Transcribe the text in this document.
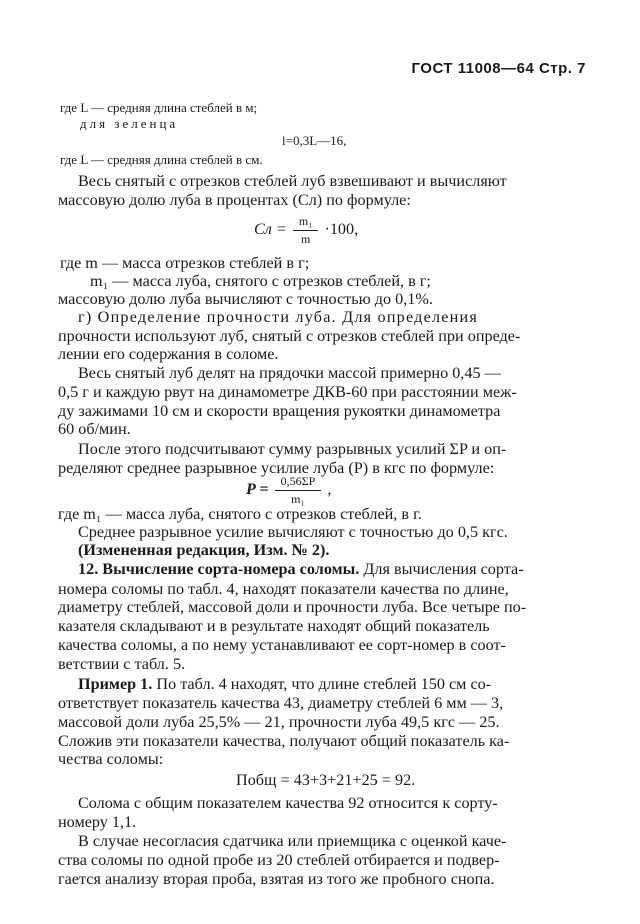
ГОСТ 11008—64 Стр. 7
где L — средняя длина стеблей в м;
для зеленца
l=0,3L—16,
где L — средняя длина стеблей в см.
Весь снятый с отрезков стеблей луб взвешивают и вычисляют
массовую долю луба в процентах (Cл) по формуле:
Cл = $\frac{\text{m₁}}{m} \cdot 100$,
где m — масса отрезков стеблей в г;
m₁ — масса луба, снятого с отрезков стеблей, в г;
массовую долю луба вычисляют с точностью до 0,1%.
г) Определение прочности луба. Для определения
прочности используют луб, снятый с отрезков стеблей при опреде-
лении его содержания в соломе.
Весь снятый луб делят на прядочки массой примерно 0,45 —
0,5 г и каждую рвут на динамометре ДКВ-60 при расстоянии меж-
ду зажимами 10 см и скорости вращения рукоятки динамометра
60 об/мин.
После этого подсчитывают сумму разрывных усилий ΣP и оп-
ределяют среднее разрывное усилие луба (P) в кгс по формуле:
$P = \frac{0,56\Sigma P}{\text{m₁}}$ ,
где m₁ — масса луба, снятого с отрезков стеблей, в г.
Среднее разрывное усилие вычисляют с точностью до 0,5 кгс.
(Измененная редакция, Изм. № 2).
12. Вычисление сорта-номера соломы. Для вычисления сорта-
номера соломы по табл. 4, находят показатели качества по длине,
диаметру стеблей, массовой доли и прочности луба. Все четыре по-
казателя складывают и в результате находят общий показатель
качества соломы, а по нему устанавливают ее сорт-номер в соот-
ветствии с табл. 5.
Пример 1. По табл. 4 находят, что длине стеблей 150 см со-
ответствует показатель качества 43, диаметру стеблей 6 мм — 3,
массовой доли луба 25,5% — 21, прочности луба 49,5 кгс — 25.
Сложив эти показатели качества, получают общий показатель ка-
чества соломы:
Побщ = 43+3+21+25 = 92.
Солома с общим показателем качества 92 относится к сорту-
номеру 1,1.
В случае несогласия сдатчика или приемщика с оценкой каче-
ства соломы по одной пробе из 20 стеблей отбирается и подвер-
гается анализу вторая проба, взятая из того же пробного снопа.
